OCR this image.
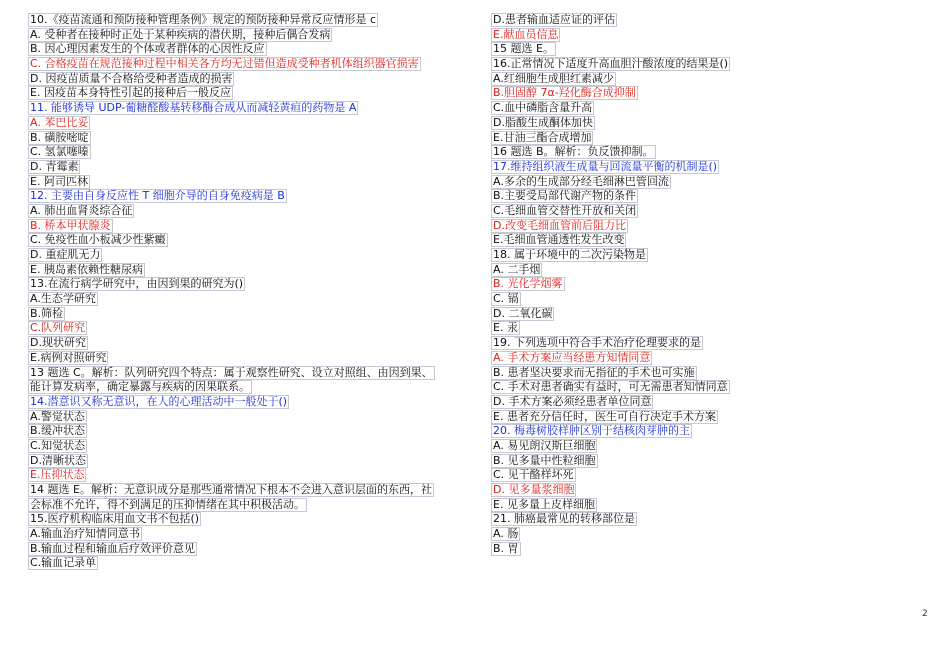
10.《疫苗流通和预防接种管理条例》规定的预防接种异常反应情形是 c
A. 受种者在接种时正处于某种疾病的潜伏期，接种后偶合发病
B. 因心理因素发生的个体或者群体的心因性反应
C. 合格疫苗在规范接种过程中相关各方均无过错但造成受种者机体组织器官损害
D. 因疫苗质量不合格给受种者造成的损害
E. 因疫苗本身特性引起的接种后一般反应
11. 能够诱导 UDP-葡糖醛酸基转移酶合成从而减轻黄疸的药物是 A
A. 苯巴比妥
B. 磺胺嘧啶
C. 氢氯噻嗪
D. 青霉素
E. 阿司匹林
12. 主要由自身反应性 T 细胞介导的自身免疫病是 B
A. 肺出血肾炎综合征
B. 桥本甲状腺炎
C. 免疫性血小板减少性紫癜
D. 重症肌无力
E. 胰岛素依赖性糖尿病
13.在流行病学研究中，由因到果的研究为()
A.生态学研究
B.筛检
C.队列研究
D.现状研究
E.病例对照研究
13 题选 C。解析：队列研究四个特点：属于观察性研究、设立对照组、由因到果、
能计算发病率，确定暴露与疾病的因果联系。
14.潜意识又称无意识，在人的心理活动中一般处于()
A.警觉状态
B.缓冲状态
C.知觉状态
D.清晰状态
E.压抑状态
14 题选 E。解析：无意识成分是那些通常情况下根本不会进入意识层面的东西，社
会标准不允许，得不到满足的压抑情绪在其中积极活动。
15.医疗机构临床用血文书不包括()
A.输血治疗知情同意书
B.输血过程和输血后疗效评价意见
C.输血记录单
D.患者输血适应证的评估
E.献血员信息
15 题选 E。
16.正常情况下适度升高血胆汁酸浓度的结果是()
A.红细胞生成胆红素减少
B.胆固醇 7α-羟化酶合成抑制
C.血中磷脂含量升高
D.脂酸生成酮体加快
E.甘油三酯合成增加
16 题选 B。解析：负反馈抑制。
17.维持组织液生成量与回流量平衡的机制是()
A.多余的生成部分经毛细淋巴管回流
B.主要受局部代谢产物的条件
C.毛细血管交替性开放和关闭
D.改变毛细血管前后阻力比
E.毛细血管通透性发生改变
18. 属于环境中的二次污染物是
A. 二手烟
B. 光化学烟雾
C. 镉
D. 二氧化碳
E. 汞
19. 下列选项中符合手术治疗伦理要求的是
A. 手术方案应当经患方知情同意
B. 患者坚决要求而无指征的手术也可实施
C. 手术对患者确实有益时，可无需患者知情同意
D. 手术方案必须经患者单位同意
E. 患者充分信任时，医生可自行决定手术方案
20. 梅毒树胶样肿区别于结核肉芽肿的主
A. 易见朗汉斯巨细胞
B. 见多量中性粒细胞
C. 见干酪样坏死
D. 见多量浆细胞
E. 见多量上皮样细胞
21. 肺癌最常见的转移部位是
A. 肠
B. 胃
2
